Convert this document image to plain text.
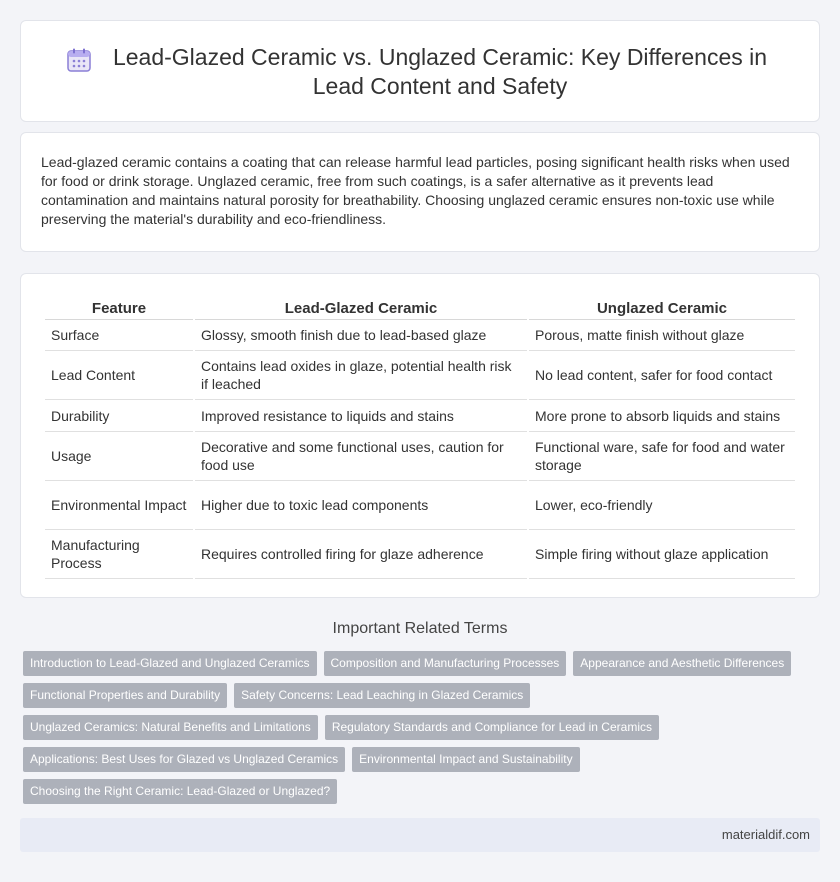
Lead-Glazed Ceramic vs. Unglazed Ceramic: Key Differences in Lead Content and Safety

Lead-glazed ceramic contains a coating that can release harmful lead particles, posing significant health risks when used for food or drink storage. Unglazed ceramic, free from such coatings, is a safer alternative as it prevents lead contamination and maintains natural porosity for breathability. Choosing unglazed ceramic ensures non-toxic use while preserving the material's durability and eco-friendliness.

Feature	Lead-Glazed Ceramic	Unglazed Ceramic
Surface	Glossy, smooth finish due to lead-based glaze	Porous, matte finish without glaze
Lead Content	Contains lead oxides in glaze, potential health risk if leached	No lead content, safer for food contact
Durability	Improved resistance to liquids and stains	More prone to absorb liquids and stains
Usage	Decorative and some functional uses, caution for food use	Functional ware, safe for food and water storage
Environmental Impact	Higher due to toxic lead components	Lower, eco-friendly
Manufacturing Process	Requires controlled firing for glaze adherence	Simple firing without glaze application
Important Related Terms
Introduction to Lead-Glazed and Unglazed Ceramics	Composition and Manufacturing Processes	Appearance and Aesthetic Differences
Functional Properties and Durability	Safety Concerns: Lead Leaching in Glazed Ceramics
Unglazed Ceramics: Natural Benefits and Limitations	Regulatory Standards and Compliance for Lead in Ceramics
Applications: Best Uses for Glazed vs Unglazed Ceramics	Environmental Impact and Sustainability
Choosing the Right Ceramic: Lead-Glazed or Unglazed?
materialdif.com
